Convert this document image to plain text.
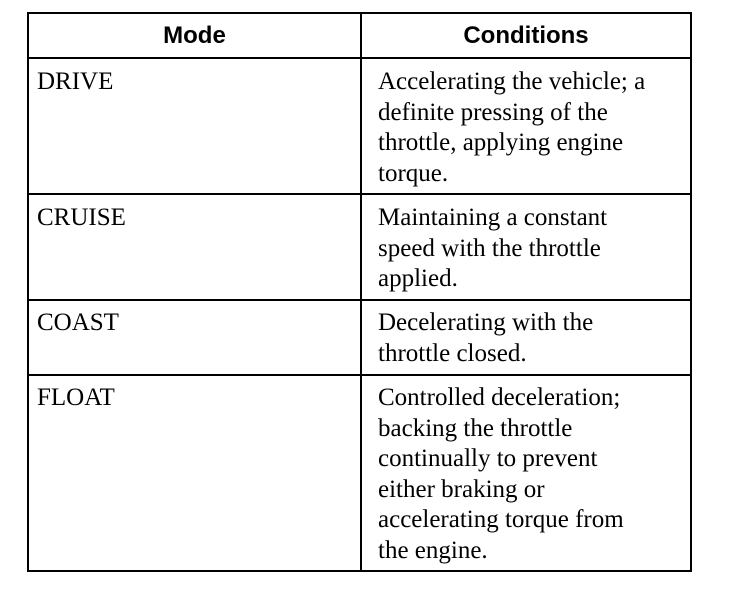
Mode	Conditions
DRIVE	Accelerating the vehicle; a
definite pressing of the
throttle, applying engine
torque.
CRUISE	Maintaining a constant
speed with the throttle
applied.
COAST	Decelerating with the
throttle closed.
FLOAT	Controlled deceleration;
backing the throttle
continually to prevent
either braking or
accelerating torque from
the engine.
